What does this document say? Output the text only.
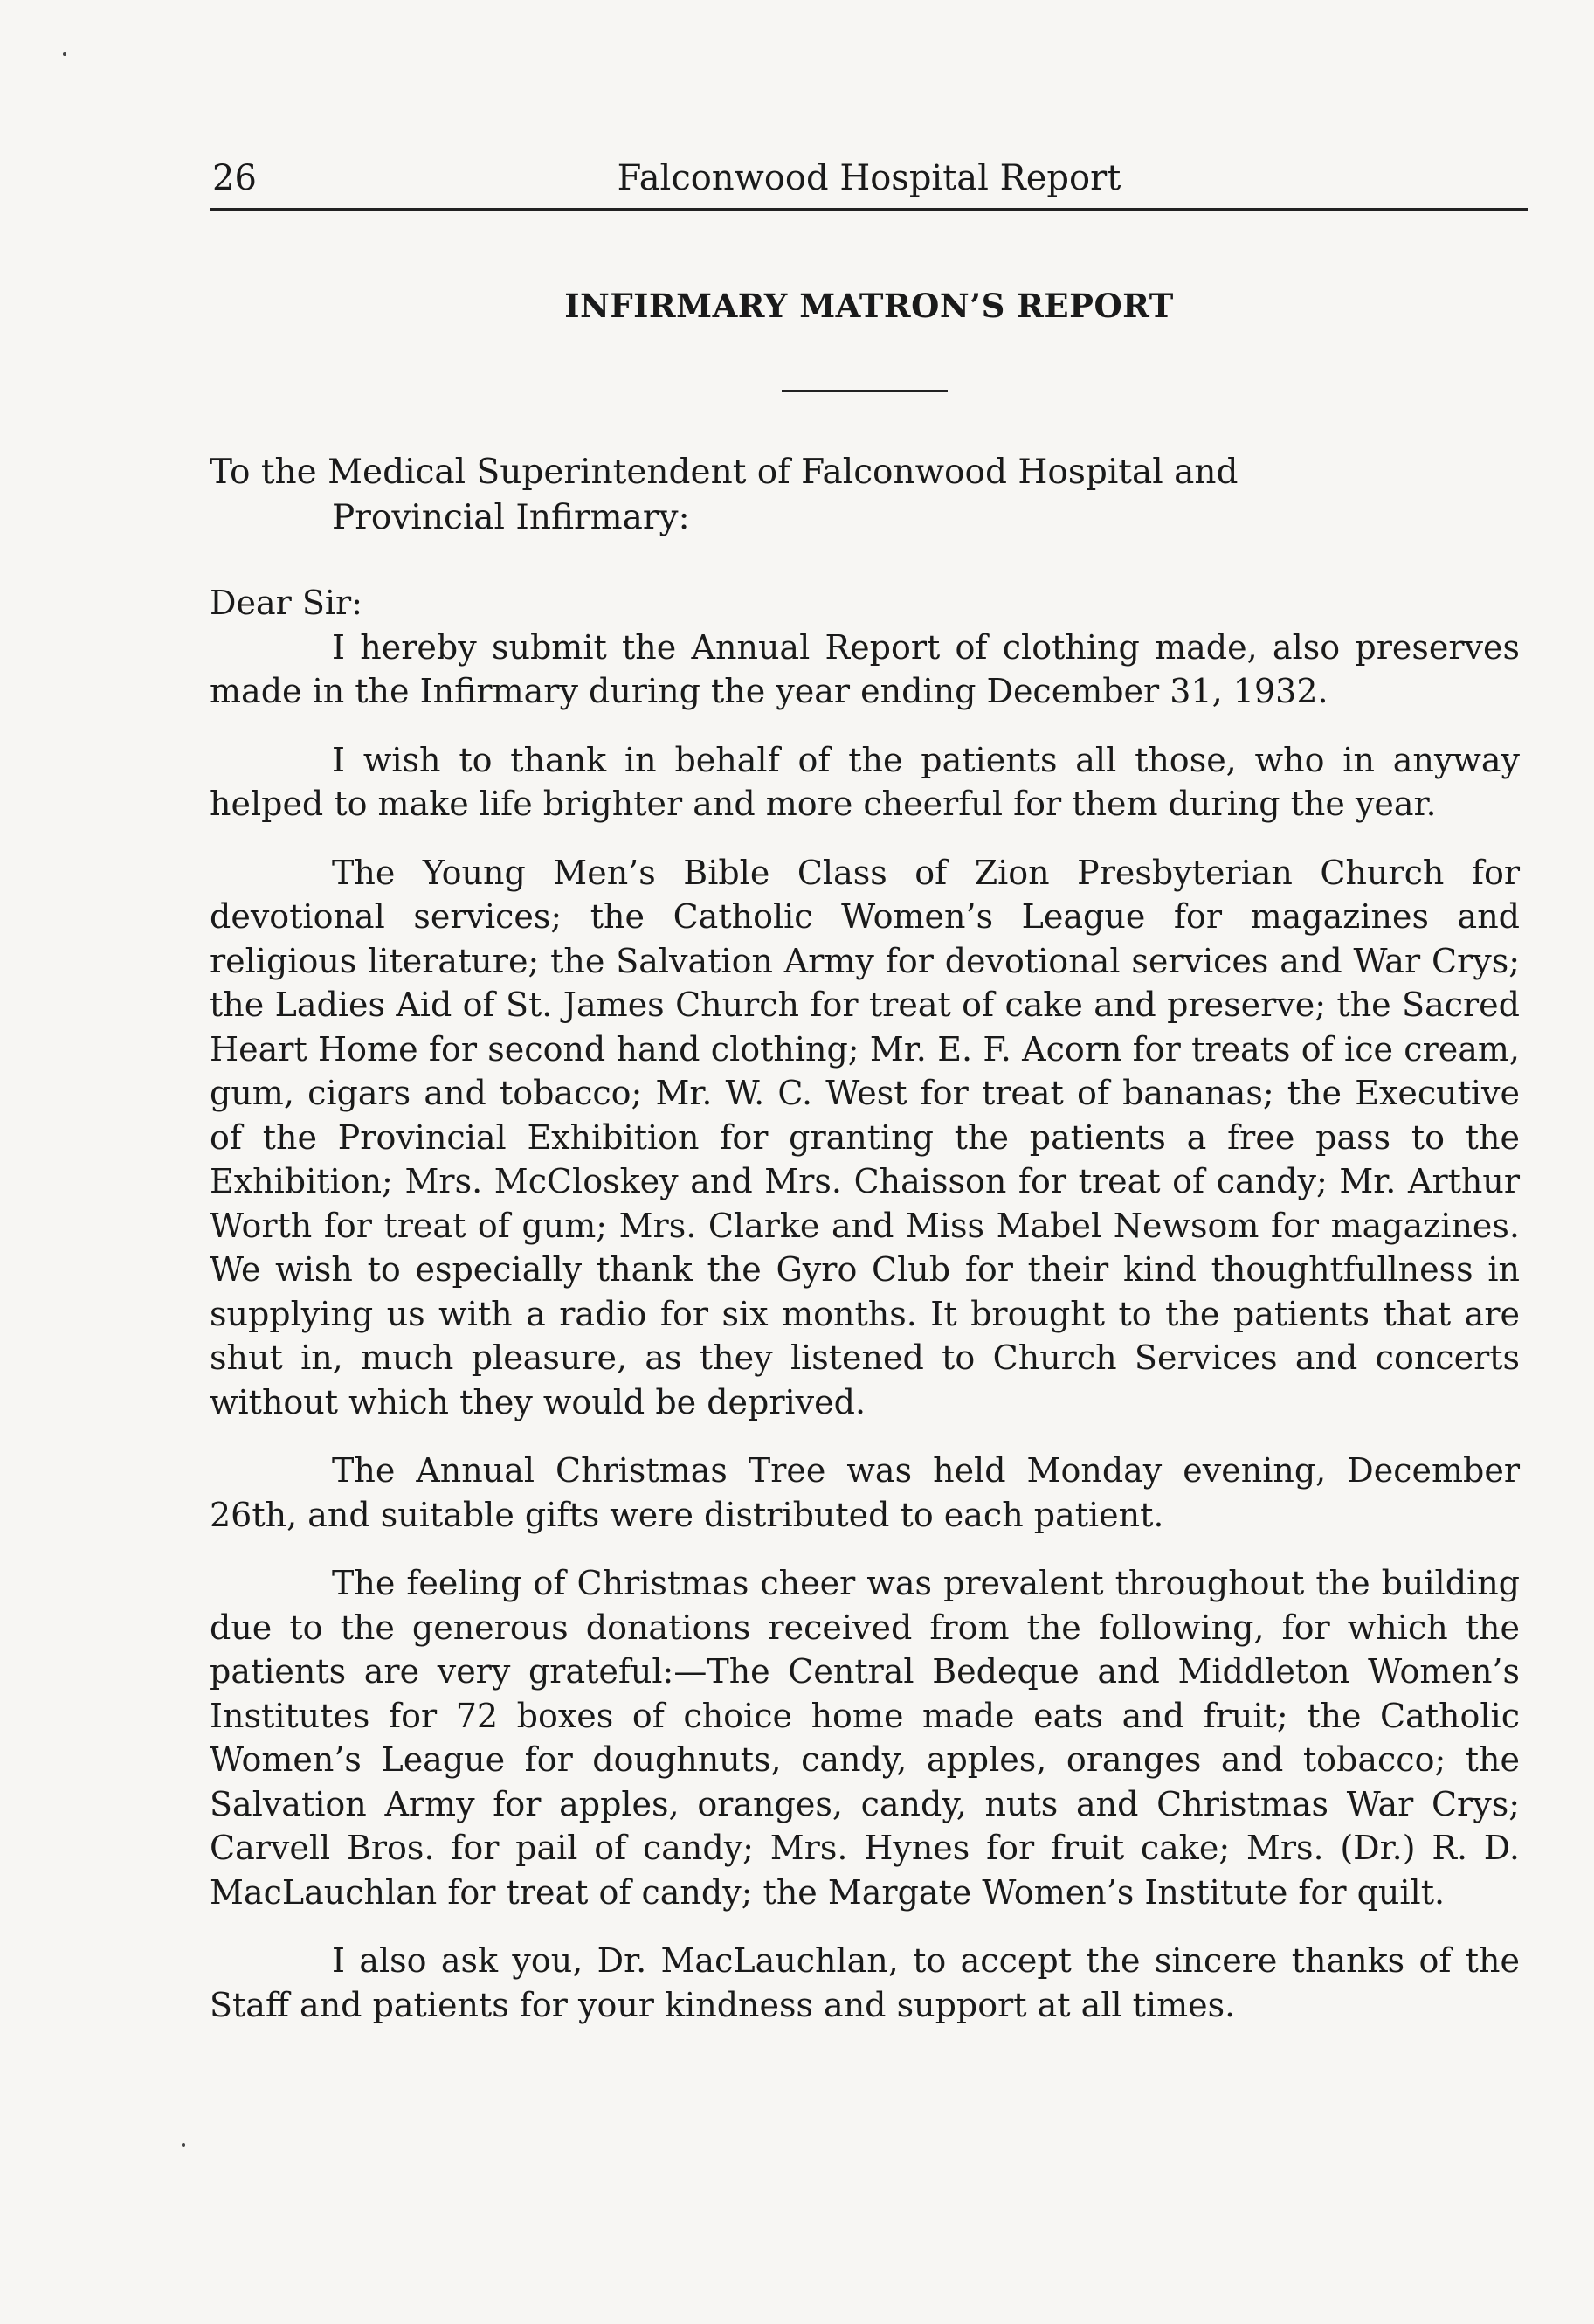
26	Falconwood Hospital Report
INFIRMARY MATRON’S REPORT
To the Medical Superintendent of Falconwood Hospital and
Provincial Infirmary:

Dear Sir:

I hereby submit the Annual Report of clothing made, also preserves made in the Infirmary during the year ending December 31, 1932.

I wish to thank in behalf of the patients all those, who in anyway helped to make life brighter and more cheerful for them during the year.

The Young Men’s Bible Class of Zion Presbyterian Church for devotional services; the Catholic Women’s League for magazines and religious literature; the Salvation Army for devotional services and War Crys; the Ladies Aid of St. James Church for treat of cake and preserve; the Sacred Heart Home for second hand clothing; Mr. E. F. Acorn for treats of ice cream, gum, cigars and tobacco; Mr. W. C. West for treat of bananas; the Executive of the Provincial Exhibition for granting the patients a free pass to the Exhibition; Mrs. McCloskey and Mrs. Chaisson for treat of candy; Mr. Arthur Worth for treat of gum; Mrs. Clarke and Miss Mabel Newsom for magazines. We wish to especially thank the Gyro Club for their kind thoughtfullness in supplying us with a radio for six months. It brought to the patients that are shut in, much pleasure, as they listened to Church Services and concerts without which they would be deprived.

The Annual Christmas Tree was held Monday evening, December 26th, and suitable gifts were distributed to each patient.

The feeling of Christmas cheer was prevalent throughout the building due to the generous donations received from the following, for which the patients are very grateful:—The Central Bedeque and Middleton Women’s Institutes for 72 boxes of choice home made eats and fruit; the Catholic Women’s League for doughnuts, candy, apples, oranges and tobacco; the Salvation Army for apples, oranges, candy, nuts and Christmas War Crys; Carvell Bros. for pail of candy; Mrs. Hynes for fruit cake; Mrs. (Dr.) R. D. MacLauchlan for treat of candy; the Margate Women’s Institute for quilt.

I also ask you, Dr. MacLauchlan, to accept the sincere thanks of the Staff and patients for your kindness and support at all times.
